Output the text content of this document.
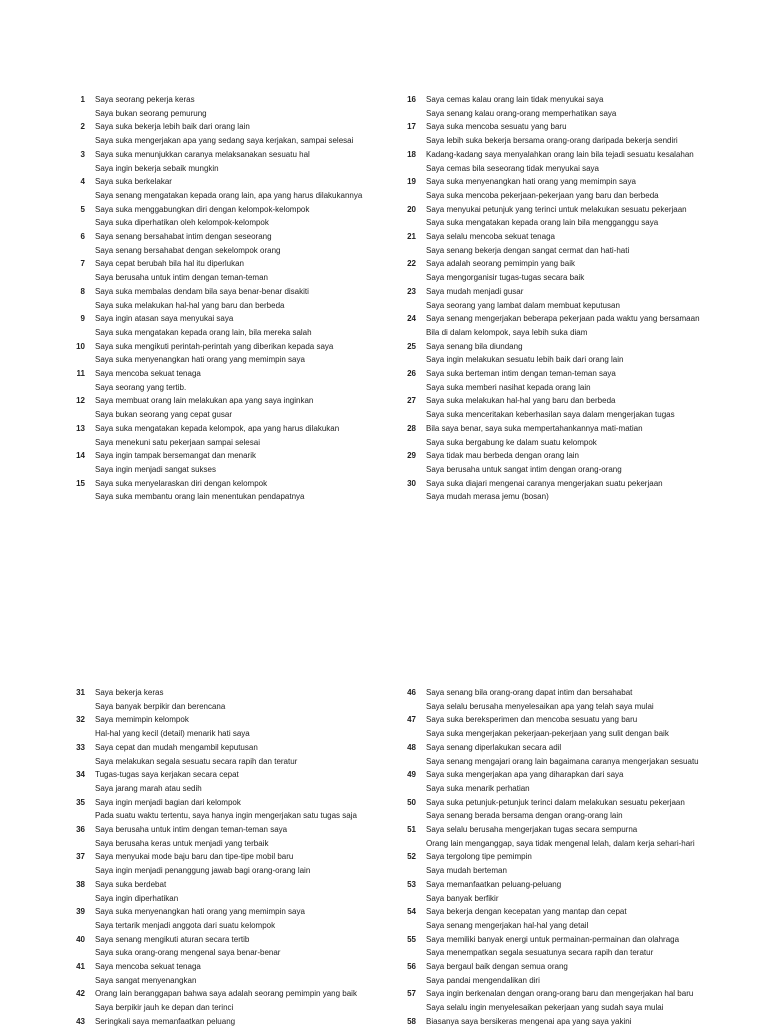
1 Saya seorang pekerja keras
Saya bukan seorang pemurung
2 Saya suka bekerja lebih baik dari orang lain
Saya suka mengerjakan apa yang sedang saya kerjakan, sampai selesai
3 Saya suka menunjukkan caranya melaksanakan sesuatu hal
Saya ingin bekerja sebaik mungkin
4 Saya suka berkelakar
Saya senang mengatakan kepada orang lain, apa yang harus dilakukannya
5 Saya suka menggabungkan diri dengan kelompok-kelompok
Saya suka diperhatikan oleh kelompok-kelompok
6 Saya senang bersahabat intim dengan seseorang
Saya senang bersahabat dengan sekelompok orang
7 Saya cepat berubah bila hal itu diperlukan
Saya berusaha untuk intim dengan teman-teman
8 Saya suka membalas dendam bila saya benar-benar disakiti
Saya suka melakukan hal-hal yang baru dan berbeda
9 Saya ingin atasan saya menyukai saya
Saya suka mengatakan kepada orang lain, bila mereka salah
10 Saya suka mengikuti perintah-perintah yang diberikan kepada saya
Saya suka menyenangkan hati orang yang memimpin saya
11 Saya mencoba sekuat tenaga
Saya seorang yang tertib.
12 Saya membuat orang lain melakukan apa yang saya inginkan
Saya bukan seorang yang cepat gusar
13 Saya suka mengatakan kepada kelompok, apa yang harus dilakukan
Saya menekuni satu pekerjaan sampai selesai
14 Saya ingin tampak bersemangat dan menarik
Saya ingin menjadi sangat sukses
15 Saya suka menyelaraskan diri dengan kelompok
Saya suka membantu orang lain menentukan pendapatnya
16 Saya cemas kalau orang lain tidak menyukai saya
Saya senang kalau orang-orang memperhatikan saya
17 Saya suka mencoba sesuatu yang baru
Saya lebih suka bekerja bersama orang-orang daripada bekerja sendiri
18 Kadang-kadang saya menyalahkan orang lain bila tejadi sesuatu kesalahan
Saya cemas bila seseorang tidak menyukai saya
19 Saya suka menyenangkan hati orang yang memimpin saya
Saya suka mencoba pekerjaan-pekerjaan yang baru dan berbeda
20 Saya menyukai petunjuk yang terinci untuk melakukan sesuatu pekerjaan
Saya suka mengatakan kepada orang lain bila mengganggu saya
21 Saya selalu mencoba sekuat tenaga
Saya senang bekerja dengan sangat cermat dan hati-hati
22 Saya adalah seorang pemimpin yang baik
Saya mengorganisir tugas-tugas secara baik
23 Saya mudah menjadi gusar
Saya seorang yang lambat dalam membuat keputusan
24 Saya senang mengerjakan beberapa pekerjaan pada waktu yang bersamaan
Bila di dalam kelompok, saya lebih suka diam
25 Saya senang bila diundang
Saya ingin melakukan sesuatu lebih baik dari orang lain
26 Saya suka berteman intim dengan teman-teman saya
Saya suka memberi nasihat kepada orang lain
27 Saya suka melakukan hal-hal yang baru dan berbeda
Saya suka menceritakan keberhasilan saya dalam mengerjakan tugas
28 Bila saya benar, saya suka mempertahankannya mati-matian
Saya suka bergabung ke dalam suatu kelompok
29 Saya tidak mau berbeda dengan orang lain
Saya berusaha untuk sangat intim dengan orang-orang
30 Saya suka diajari mengenai caranya mengerjakan suatu pekerjaan
Saya mudah merasa jemu (bosan)
31 Saya bekerja keras
Saya banyak berpikir dan berencana
32 Saya memimpin kelompok
Hal-hal yang kecil (detail) menarik hati saya
33 Saya cepat dan mudah mengambil keputusan
Saya melakukan segala sesuatu secara rapih dan teratur
34 Tugas-tugas saya kerjakan secara cepat
Saya jarang marah atau sedih
35 Saya ingin menjadi bagian dari kelompok
Pada suatu waktu tertentu, saya hanya ingin mengerjakan satu tugas saja
36 Saya berusaha untuk intim dengan teman-teman saya
Saya berusaha keras untuk menjadi yang terbaik
37 Saya menyukai mode baju baru dan tipe-tipe mobil baru
Saya ingin menjadi penanggung jawab bagi orang-orang lain
38 Saya suka berdebat
Saya ingin diperhatikan
39 Saya suka menyenangkan hati orang yang memimpin saya
Saya tertarik menjadi anggota dari suatu kelompok
40 Saya senang mengikuti aturan secara tertib
Saya suka orang-orang mengenal saya benar-benar
41 Saya mencoba sekuat tenaga
Saya sangat menyenangkan
42 Orang lain beranggapan bahwa saya adalah seorang pemimpin yang baik
Saya berpikir jauh ke depan dan terinci
43 Seringkali saya memanfaatkan peluang
46 Saya senang bila orang-orang dapat intim dan bersahabat
Saya selalu berusaha menyelesaikan apa yang telah saya mulai
47 Saya suka bereksperimen dan mencoba sesuatu yang baru
Saya suka mengerjakan pekerjaan-pekerjaan yang sulit dengan baik
48 Saya senang diperlakukan secara adil
Saya senang mengajari orang lain bagaimana caranya mengerjakan sesuatu
49 Saya suka mengerjakan apa yang diharapkan dari saya
Saya suka menarik perhatian
50 Saya suka petunjuk-petunjuk terinci dalam melakukan sesuatu pekerjaan
Saya senang berada bersama dengan orang-orang lain
51 Saya selalu berusaha mengerjakan tugas secara sempurna
Orang lain menganggap, saya tidak mengenal lelah, dalam kerja sehari-hari
52 Saya tergolong tipe pemimpin
Saya mudah berteman
53 Saya memanfaatkan peluang-peluang
Saya banyak berfikir
54 Saya bekerja dengan kecepatan yang mantap dan cepat
Saya senang mengerjakan hal-hal yang detail
55 Saya memiliki banyak energi untuk permainan-permainan dan olahraga
Saya menempatkan segala sesuatunya secara rapih dan teratur
56 Saya bergaul baik dengan semua orang
Saya pandai mengendalikan diri
57 Saya ingin berkenalan dengan orang-orang baru dan mengerjakan hal baru
Saya selalu ingin menyelesaikan pekerjaan yang sudah saya mulai
58 Biasanya saya bersikeras mengenai apa yang saya yakini
